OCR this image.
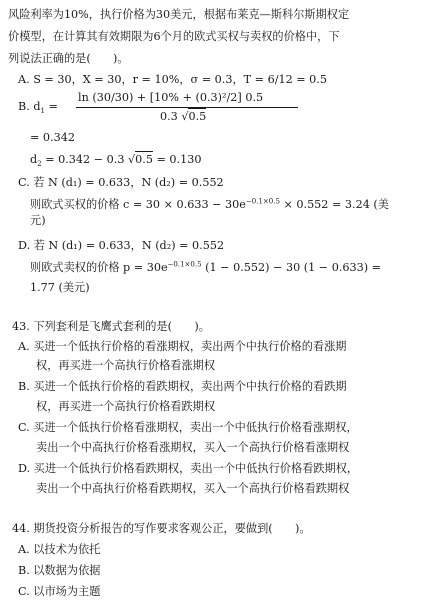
风险利率为10%，执行价格为30美元，根据布莱克—斯科尔斯期权定
价模型，在计算其有效期限为6个月的欧式买权与卖权的价格中，下
列说法正确的是(　　)。
A. S = 30，X = 30，r = 10%，σ = 0.3，T = 6/12 = 0.5
B. $d_1$ =
ln (30/30) + [10% + (0.3)²/2] 0.5
0.3 √0.5
= 0.342
$d_2 = 0.342 - 0.3$ √0.5 = 0.130
C. 若 N (d₁) = 0.633，N (d₂) = 0.552
则欧式买权的价格 $c = 30 \times 0.633 - 30e^{-0.1\times 0.5} \times 0.552 = 3.24$ (美
元)
D. 若 N (d₁) = 0.633，N (d₂) = 0.552
则欧式卖权的价格 $p = 30e^{-0.1\times 0.5}$ (1 − 0.552) − 30 (1 − 0.633) =
1.77 (美元)
43. 下列套利是飞鹰式套利的是(　　)。
A. 买进一个低执行价格的看涨期权，卖出两个中执行价格的看涨期
权，再买进一个高执行价格看涨期权
B. 买进一个低执行价格的看跌期权，卖出两个中执行价格的看跌期
权，再买进一个高执行价格看跌期权
C. 买进一个低执行价格看涨期权，卖出一个中低执行价格看涨期权，
卖出一个中高执行价格看涨期权，买入一个高执行价格看涨期权
D. 买进一个低执行价格看跌期权，卖出一个中低执行价格看跌期权，
卖出一个中高执行价格看跌期权，买入一个高执行价格看跌期权
44. 期货投资分析报告的写作要求客观公正，要做到(　　)。
A. 以技术为依托
B. 以数据为依据
C. 以市场为主题
